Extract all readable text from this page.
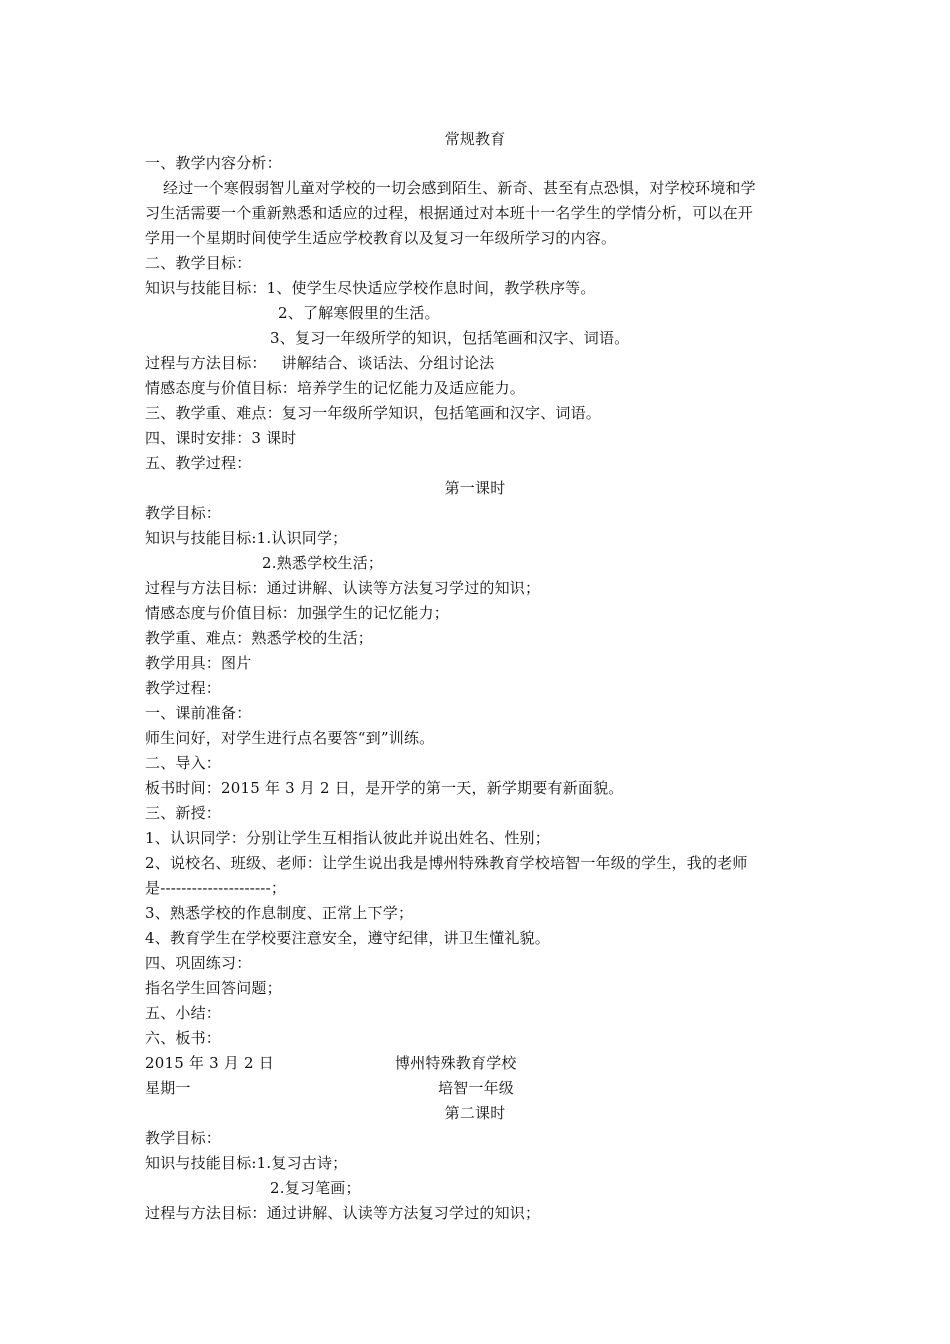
常规教育
一、教学内容分析：
经过一个寒假弱智儿童对学校的一切会感到陌生、新奇、甚至有点恐惧，对学校环境和学
习生活需要一个重新熟悉和适应的过程，根据通过对本班十一名学生的学情分析，可以在开
学用一个星期时间使学生适应学校教育以及复习一年级所学习的内容。
二、教学目标：
知识与技能目标：1、使学生尽快适应学校作息时间，教学秩序等。
2、了解寒假里的生活。
3、复习一年级所学的知识，包括笔画和汉字、词语。
过程与方法目标：   讲解结合、谈话法、分组讨论法
情感态度与价值目标：培养学生的记忆能力及适应能力。
三、教学重、难点：复习一年级所学知识，包括笔画和汉字、词语。
四、课时安排：3 课时
五、教学过程：
第一课时
教学目标：
知识与技能目标:1.认识同学；
2.熟悉学校生活；
过程与方法目标：通过讲解、认读等方法复习学过的知识；
情感态度与价值目标：加强学生的记忆能力；
教学重、难点：熟悉学校的生活；
教学用具：图片
教学过程：
一、课前准备：
师生问好，对学生进行点名要答“到”训练。
二、导入：
板书时间：2015 年 3 月 2 日，是开学的第一天，新学期要有新面貌。
三、新授：
1、认识同学：分别让学生互相指认彼此并说出姓名、性别；
2、说校名、班级、老师：让学生说出我是博州特殊教育学校培智一年级的学生，我的老师
是---------------------；
3、熟悉学校的作息制度、正常上下学；
4、教育学生在学校要注意安全，遵守纪律，讲卫生懂礼貌。
四、巩固练习：
指名学生回答问题；
五、小结：
六、板书：
2015 年 3 月 2 日	博州特殊教育学校
星期一	培智一年级
第二课时
教学目标：
知识与技能目标:1.复习古诗；
2.复习笔画；
过程与方法目标：通过讲解、认读等方法复习学过的知识；
